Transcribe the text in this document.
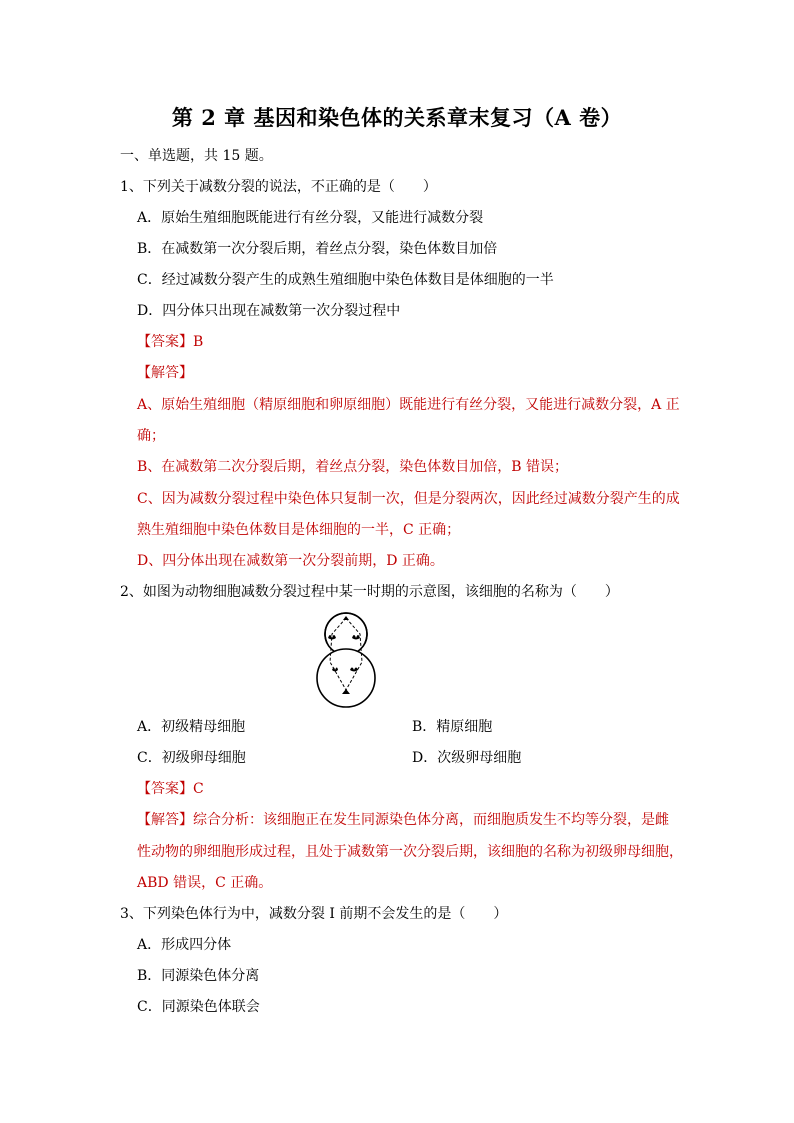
第 2 章 基因和染色体的关系章末复习（A 卷）
一、单选题，共 15 题。
1、下列关于减数分裂的说法，不正确的是（　　）
A．原始生殖细胞既能进行有丝分裂，又能进行减数分裂
B．在减数第一次分裂后期，着丝点分裂，染色体数目加倍
C．经过减数分裂产生的成熟生殖细胞中染色体数目是体细胞的一半
D．四分体只出现在减数第一次分裂过程中
【答案】B
【解答】
A、原始生殖细胞（精原细胞和卵原细胞）既能进行有丝分裂，又能进行减数分裂，A 正
确；
B、在减数第二次分裂后期，着丝点分裂，染色体数目加倍，B 错误；
C、因为减数分裂过程中染色体只复制一次，但是分裂两次，因此经过减数分裂产生的成
熟生殖细胞中染色体数目是体细胞的一半，C 正确；
D、四分体出现在减数第一次分裂前期，D 正确。
2、如图为动物细胞减数分裂过程中某一时期的示意图，该细胞的名称为（　　）
A．初级精母细胞	B．精原细胞
C．初级卵母细胞	D．次级卵母细胞
【答案】C
【解答】综合分析：该细胞正在发生同源染色体分离，而细胞质发生不均等分裂，是雌
性动物的卵细胞形成过程，且处于减数第一次分裂后期，该细胞的名称为初级卵母细胞，
ABD 错误，C 正确。
3、下列染色体行为中，减数分裂 I 前期不会发生的是（　　）
A．形成四分体
B．同源染色体分离
C．同源染色体联会
